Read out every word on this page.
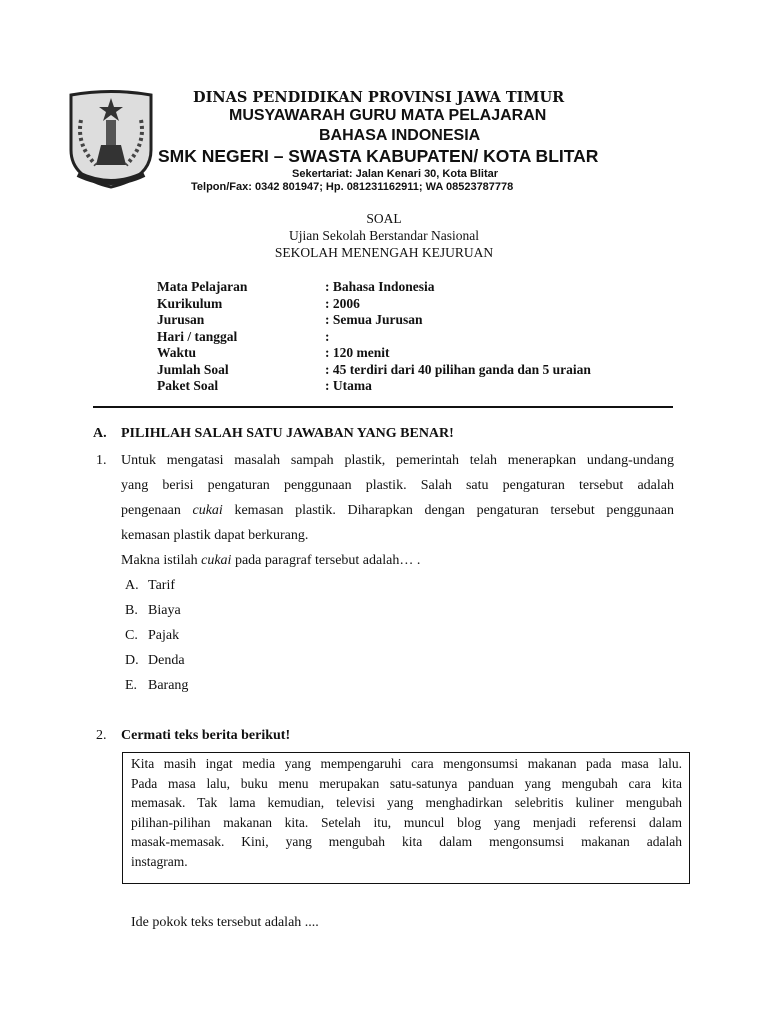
DINAS PENDIDIKAN PROVINSI JAWA TIMUR
MUSYAWARAH GURU MATA PELAJARAN
BAHASA INDONESIA
SMK NEGERI – SWASTA KABUPATEN/ KOTA BLITAR
Sekertariat: Jalan Kenari 30, Kota Blitar
Telpon/Fax: 0342 801947; Hp. 081231162911; WA 08523787778
SOAL
Ujian Sekolah Berstandar Nasional
SEKOLAH MENENGAH KEJURUAN
Mata Pelajaran	: Bahasa Indonesia
Kurikulum	: 2006
Jurusan	: Semua Jurusan
Hari / tanggal	:
Waktu	: 120 menit
Jumlah Soal	: 45 terdiri dari 40 pilihan ganda dan 5 uraian
Paket Soal	: Utama
A. PILIHLAH SALAH SATU JAWABAN YANG BENAR!
1. Untuk mengatasi masalah sampah plastik, pemerintah telah menerapkan undang-undang
yang berisi pengaturan penggunaan plastik. Salah satu pengaturan tersebut adalah
pengenaan cukai kemasan plastik. Diharapkan dengan pengaturan tersebut penggunaan
kemasan plastik dapat berkurang.
Makna istilah cukai pada paragraf tersebut adalah… .
A. Tarif
B. Biaya
C. Pajak
D. Denda
E. Barang
2. Cermati teks berita berikut!
Kita masih ingat media yang mempengaruhi cara mengonsumsi makanan pada masa lalu.
Pada masa lalu, buku menu merupakan satu-satunya panduan yang mengubah cara kita
memasak. Tak lama kemudian, televisi yang menghadirkan selebritis kuliner mengubah
pilihan-pilihan makanan kita. Setelah itu, muncul blog yang menjadi referensi dalam
masak-memasak. Kini, yang mengubah kita dalam mengonsumsi makanan adalah
instagram.
Ide pokok teks tersebut adalah ....
